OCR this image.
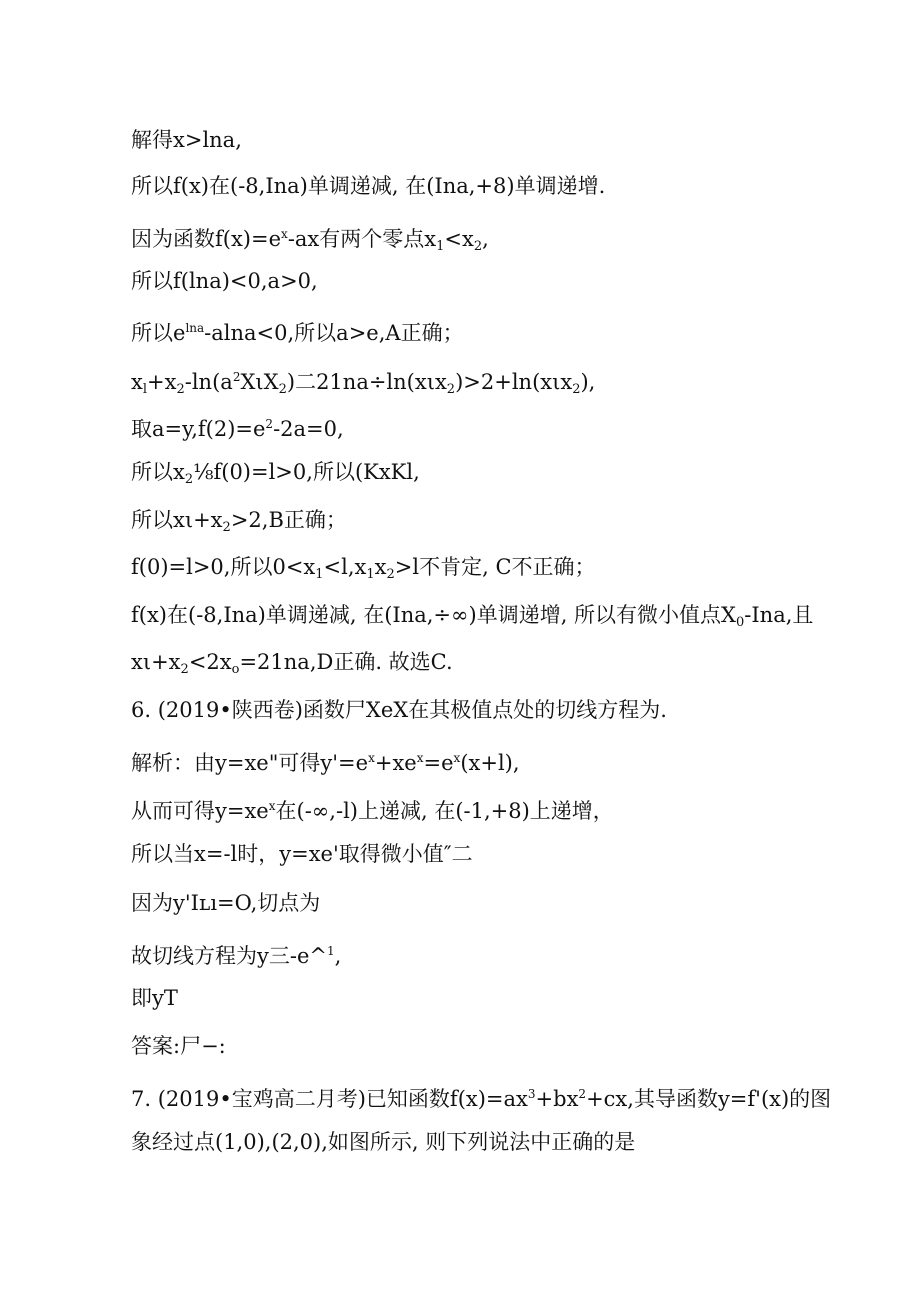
解得x>lna,
所以f(x)在(-8,Ina)单调递减, 在(Ina,+8)单调递增.
因为函数$f(x)=e^x-ax$有两个零点$x_1<x_2$,
所以f(lna)<0,a>0,
所以$e^{lna}-alna<0$,所以a>e,A正确；
$x_l+x_2-\ln(a^2X\iota X_2)$二21na÷ln(xιx$_2$)>2+ln(xιx$_2$),
取$a=y,f(2)=e^2-2a=0$,
所以$x_2\frac{1}{8}f(0)=l>0$,所以(KxKl,
所以$x\iota+x_2>2,B$正确；
f(0)=l>0,所以$0<x_1<l,x_1x_2>l$不肯定, C不正确；
f(x)在(-8,Ina)单调递减, 在(Ina,÷∞)单调递增, 所以有微小值点$X_0$-Ina,且
$x\iota+x_2<2x_o=21na,D$正确. 故选C.
6. (2019•陕西卷)函数尸XeX在其极值点处的切线方程为.
解析：由y=xe"可得$y'=e^x+xe^x=e^x(x+l)$,
从而可得$y=xe^x$在(-∞,-l)上递减, 在(-1,+8)上递增，
所以当x=-l时，y=xe'取得微小值″二
因为y'Iʟı=O,切点为
故切线方程为y三-e^$^1$,
即yT
答案:尸−:
7. (2019•宝鸡高二月考)已知函数$f(x)=ax^3+bx^2+cx$,其导函数y=f'(x)的图
象经过点(1,0),(2,0),如图所示, 则下列说法中正确的是
